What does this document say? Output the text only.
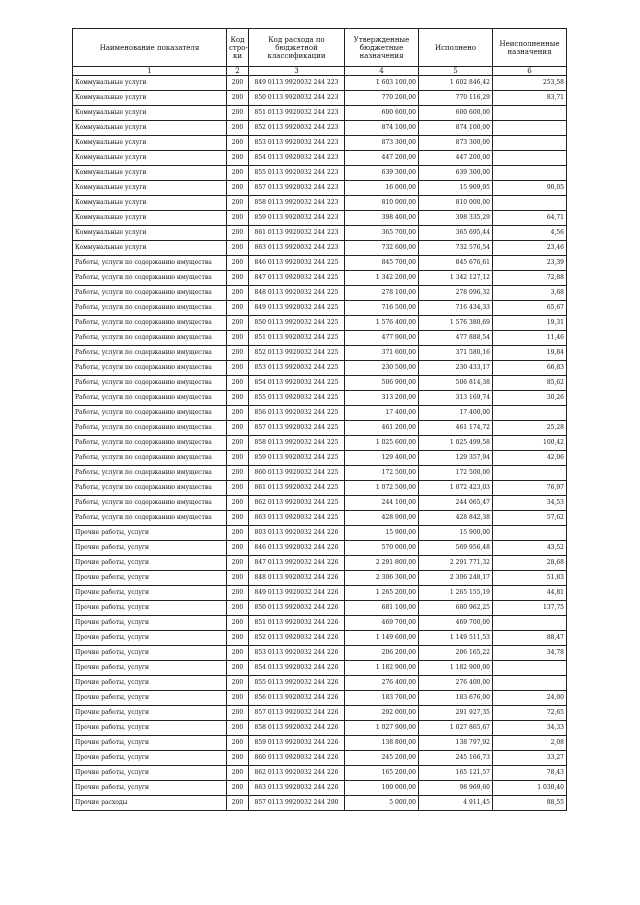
Наименование показателя	Код стро-ки	Код расхода по бюджетной классификации	Утвержденные бюджетные назначения	Исполнено	Неисполненные назначения
1	2	3	4	5	6
Коммунальные услуги	200	849 0113 9920032 244 223	1 603 100,00	1 602 846,42	253,58
Коммунальные услуги	200	850 0113 9920032 244 223	770 200,00	770 116,29	83,71
Коммунальные услуги	200	851 0113 9920032 244 223	600 600,00	600 600,00	
Коммунальные услуги	200	852 0113 9920032 244 223	874 100,00	874 100,00	
Коммунальные услуги	200	853 0113 9920032 244 223	873 300,00	873 300,00	
Коммунальные услуги	200	854 0113 9920032 244 223	447 200,00	447 200,00	
Коммунальные услуги	200	855 0113 9920032 244 223	639 300,00	639 300,00	
Коммунальные услуги	200	857 0113 9920032 244 223	16 000,00	15 909,95	90,05
Коммунальные услуги	200	858 0113 9920032 244 223	810 000,00	810 000,00	
Коммунальные услуги	200	859 0113 9920032 244 223	398 400,00	398 335,29	64,71
Коммунальные услуги	200	861 0113 9920032 244 223	365 700,00	365 695,44	4,56
Коммунальные услуги	200	863 0113 9920032 244 223	732 600,00	732 576,54	23,46
Работы, услуги по содержанию имущества	200	846 0113 9920032 244 225	845 700,00	845 676,61	23,39
Работы, услуги по содержанию имущества	200	847 0113 9920032 244 225	1 342 200,00	1 342 127,12	72,88
Работы, услуги по содержанию имущества	200	848 0113 9920032 244 225	278 100,00	278 096,32	3,68
Работы, услуги по содержанию имущества	200	849 0113 9920032 244 225	716 500,00	716 434,33	65,67
Работы, услуги по содержанию имущества	200	850 0113 9920032 244 225	1 576 400,00	1 576 380,69	19,31
Работы, услуги по содержанию имущества	200	851 0113 9920032 244 225	477 900,00	477 888,54	11,46
Работы, услуги по содержанию имущества	200	852 0113 9920032 244 225	371 600,00	371 580,16	19,84
Работы, услуги по содержанию имущества	200	853 0113 9920032 244 225	230 500,00	230 433,17	66,83
Работы, услуги по содержанию имущества	200	854 0113 9920032 244 225	506 900,00	506 814,38	85,62
Работы, услуги по содержанию имущества	200	855 0113 9920032 244 225	313 200,00	313 169,74	30,26
Работы, услуги по содержанию имущества	200	856 0113 9920032 244 225	17 400,00	17 400,00	
Работы, услуги по содержанию имущества	200	857 0113 9920032 244 225	461 200,00	461 174,72	25,28
Работы, услуги по содержанию имущества	200	858 0113 9920032 244 225	1 025 600,00	1 025 499,58	100,42
Работы, услуги по содержанию имущества	200	859 0113 9920032 244 225	129 400,00	129 357,94	42,06
Работы, услуги по содержанию имущества	200	860 0113 9920032 244 225	172 500,00	172 500,00	
Работы, услуги по содержанию имущества	200	861 0113 9920032 244 225	1 072 500,00	1 072 423,03	76,97
Работы, услуги по содержанию имущества	200	862 0113 9920032 244 225	244 100,00	244 065,47	34,53
Работы, услуги по содержанию имущества	200	863 0113 9920032 244 225	428 900,00	428 842,38	57,62
Прочие работы, услуги	200	803 0113 9920032 244 226	15 900,00	15 900,00	
Прочие работы, услуги	200	846 0113 9920032 244 226	570 000,00	569 956,48	43,52
Прочие работы, услуги	200	847 0113 9920032 244 226	2 291 800,00	2 291 771,32	28,68
Прочие работы, услуги	200	848 0113 9920032 244 226	2 306 300,00	2 306 248,17	51,83
Прочие работы, услуги	200	849 0113 9920032 244 226	1 265 200,00	1 265 155,19	44,81
Прочие работы, услуги	200	850 0113 9920032 244 226	681 100,00	680 962,25	137,75
Прочие работы, услуги	200	851 0113 9920032 244 226	469 700,00	469 700,00	
Прочие работы, услуги	200	852 0113 9920032 244 226	1 149 600,00	1 149 511,53	88,47
Прочие работы, услуги	200	853 0113 9920032 244 226	206 200,00	206 165,22	34,78
Прочие работы, услуги	200	854 0113 9920032 244 226	1 182 900,00	1 182 900,00	
Прочие работы, услуги	200	855 0113 9920032 244 226	276 400,00	276 400,00	
Прочие работы, услуги	200	856 0113 9920032 244 226	183 700,00	183 676,00	24,00
Прочие работы, услуги	200	857 0113 9920032 244 226	292 000,00	291 927,35	72,65
Прочие работы, услуги	200	858 0113 9920032 244 226	1 027 900,00	1 027 865,67	34,33
Прочие работы, услуги	200	859 0113 9920032 244 226	138 800,00	138 797,92	2,08
Прочие работы, услуги	200	860 0113 9920032 244 226	245 200,00	245 166,73	33,27
Прочие работы, услуги	200	862 0113 9920032 244 226	165 200,00	165 121,57	78,43
Прочие работы, услуги	200	863 0113 9920032 244 226	100 000,00	98 969,60	1 030,40
Прочие расходы	200	857 0113 9920032 244 290	5 000,00	4 911,45	88,55
